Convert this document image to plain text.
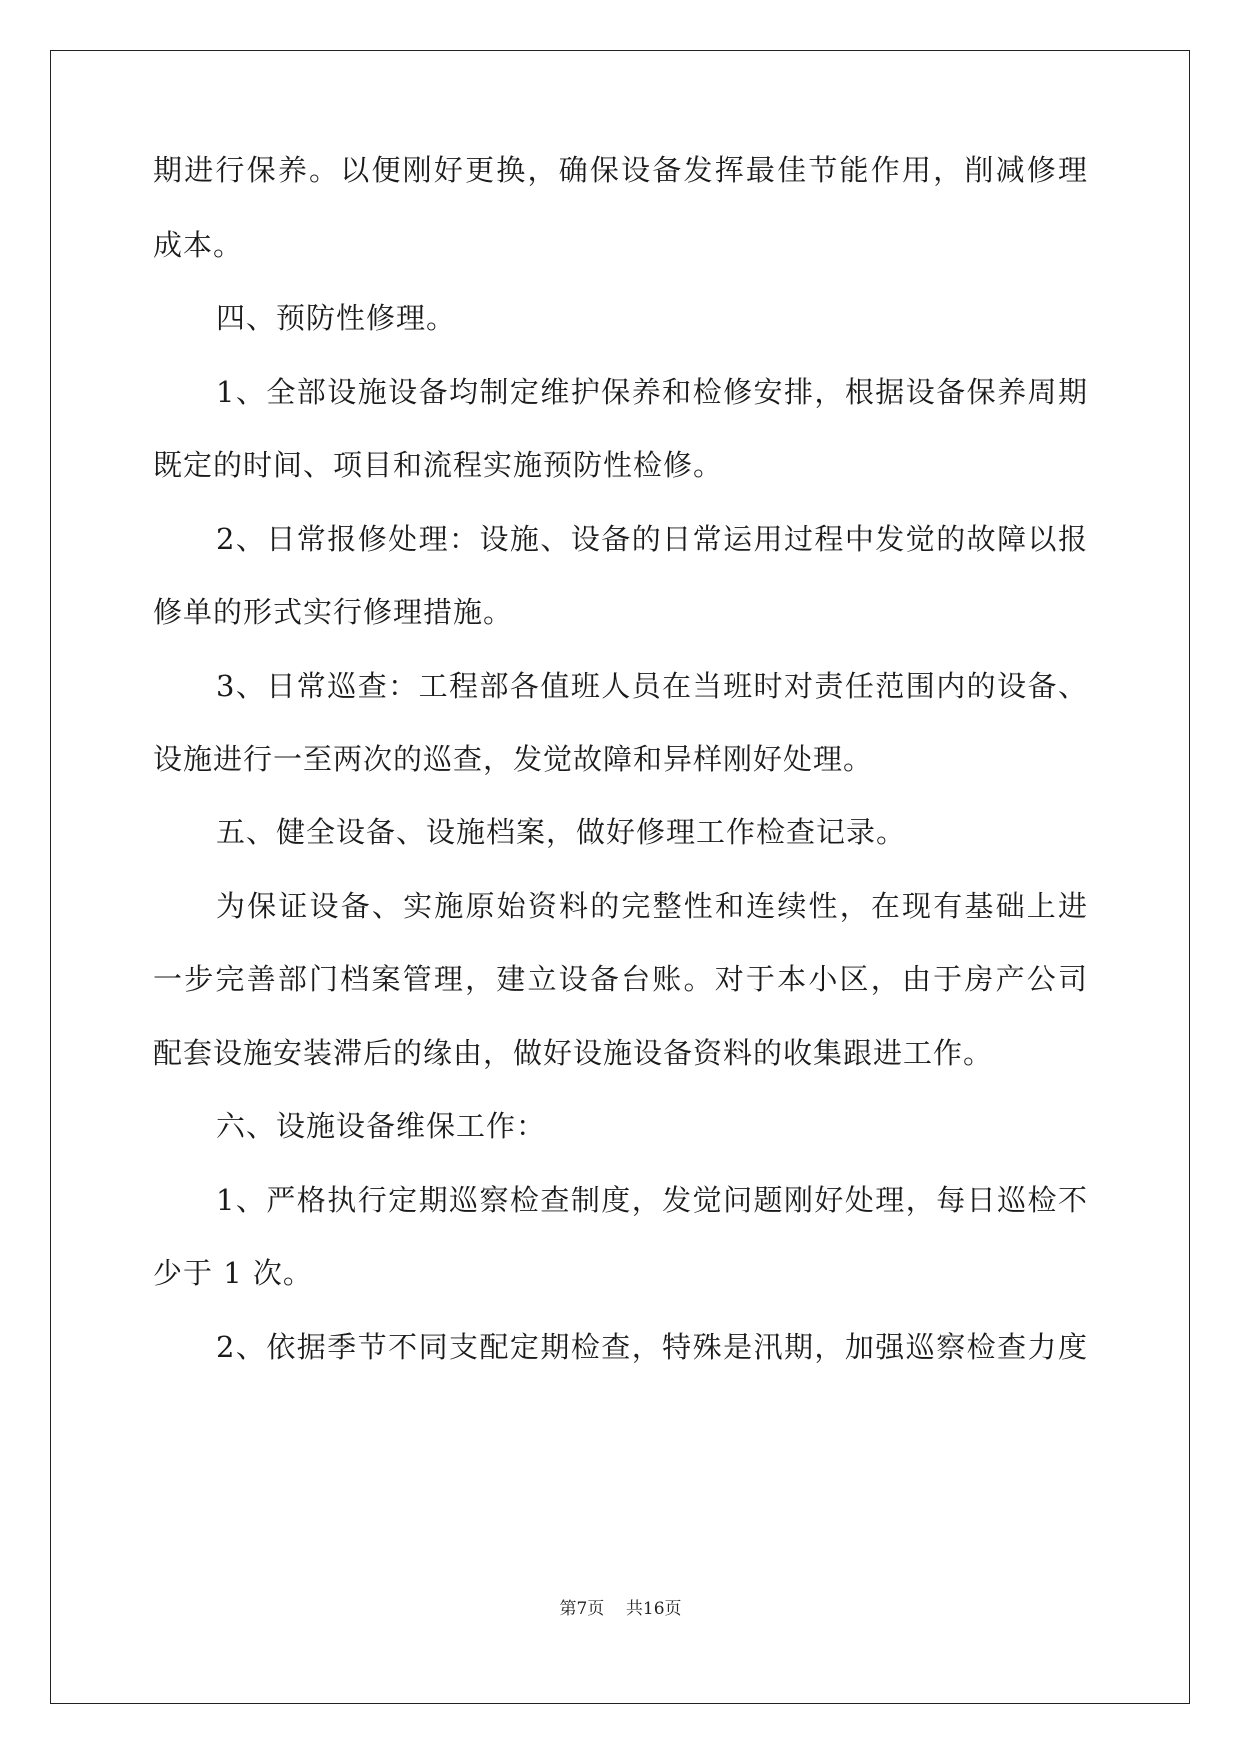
期进行保养。以便刚好更换，确保设备发挥最佳节能作用，削减修理
成本。
四、预防性修理。
1、全部设施设备均制定维护保养和检修安排，根据设备保养周期
既定的时间、项目和流程实施预防性检修。
2、日常报修处理：设施、设备的日常运用过程中发觉的故障以报
修单的形式实行修理措施。
3、日常巡查：工程部各值班人员在当班时对责任范围内的设备、
设施进行一至两次的巡查，发觉故障和异样刚好处理。
五、健全设备、设施档案，做好修理工作检查记录。
为保证设备、实施原始资料的完整性和连续性，在现有基础上进
一步完善部门档案管理，建立设备台账。对于本小区，由于房产公司
配套设施安装滞后的缘由，做好设施设备资料的收集跟进工作。
六、设施设备维保工作：
1、严格执行定期巡察检查制度，发觉问题刚好处理，每日巡检不
少于 1 次。
2、依据季节不同支配定期检查，特殊是汛期，加强巡察检查力度
第7页 共16页
